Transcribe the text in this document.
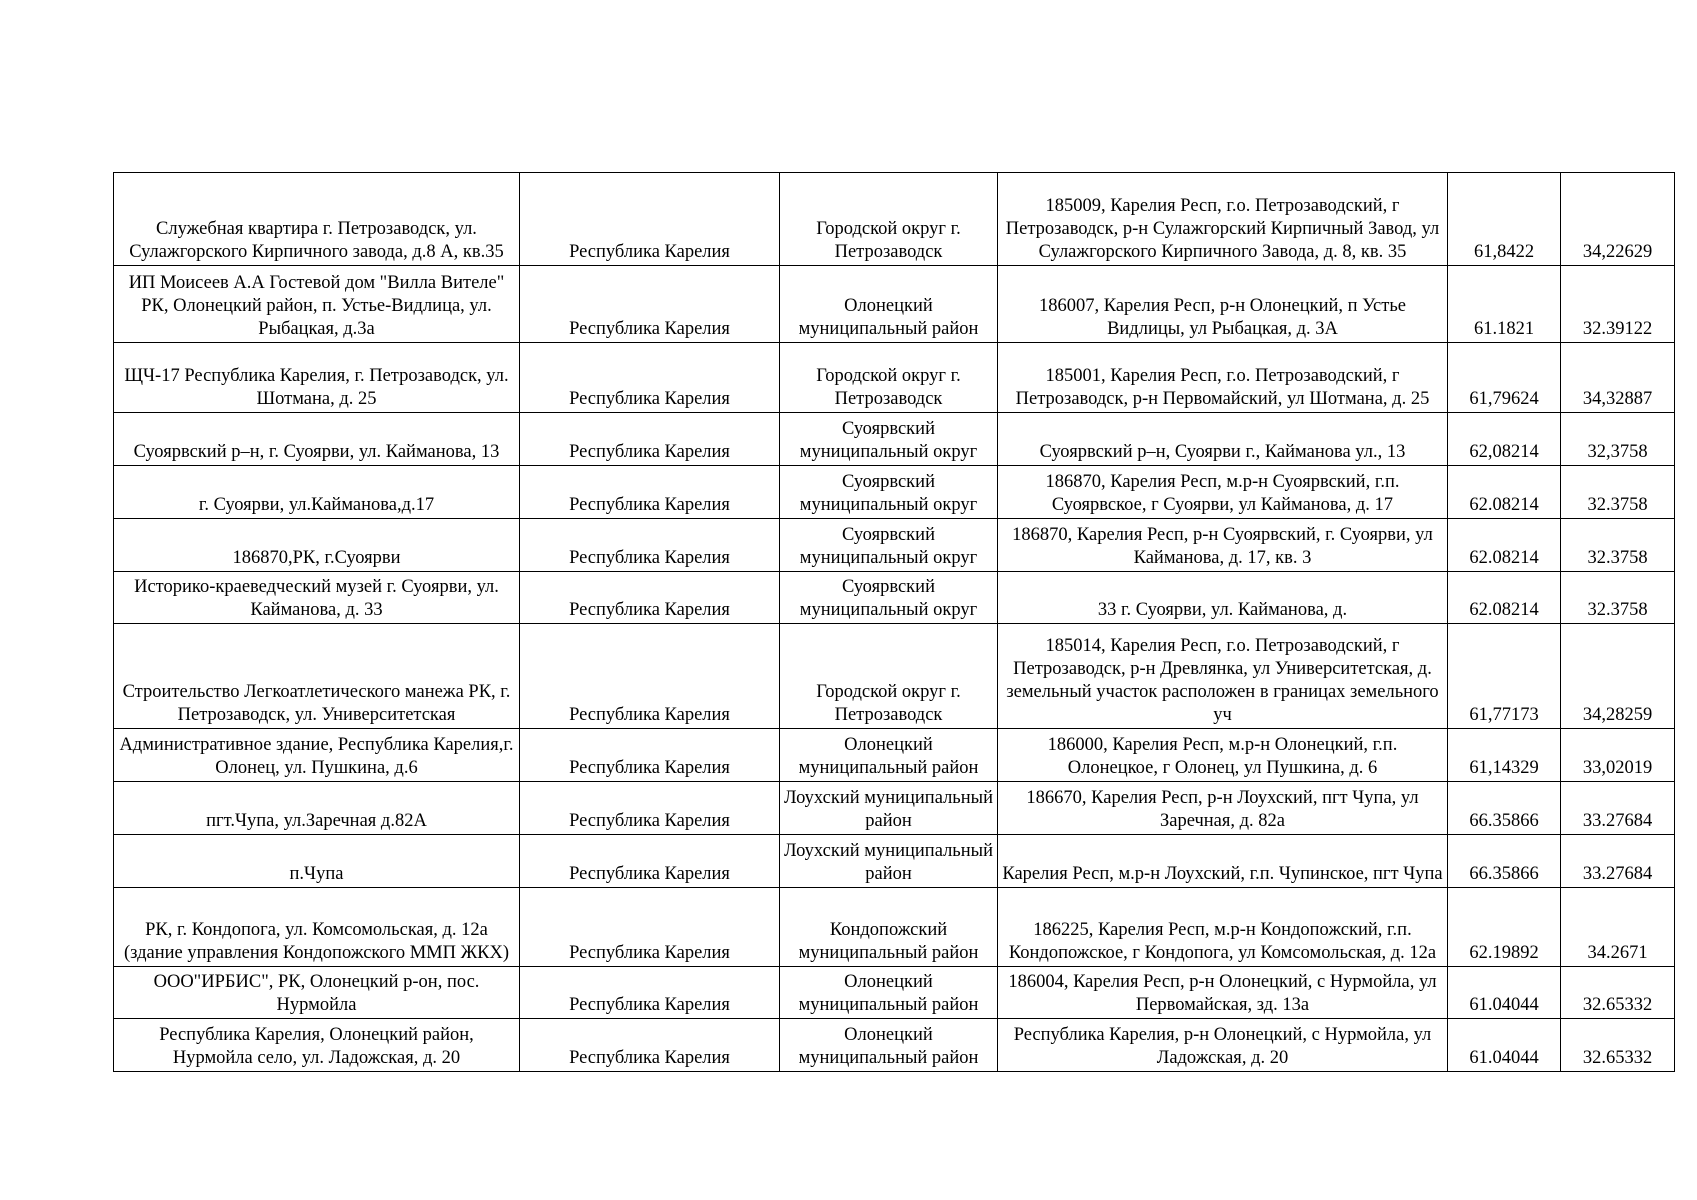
Служебная квартира г. Петрозаводск, ул. Сулажгорского Кирпичного завода, д.8 А, кв.35	Республика Карелия	Городской округ г. Петрозаводск	185009, Карелия Респ, г.о. Петрозаводский, г Петрозаводск, р-н Сулажгорский Кирпичный Завод, ул Сулажгорского Кирпичного Завода, д. 8, кв. 35	61,8422	34,22629
ИП Моисеев А.А Гостевой дом "Вилла Вителе" РК, Олонецкий район, п. Устье-Видлица, ул. Рыбацкая, д.3а	Республика Карелия	Олонецкий муниципальный район	186007, Карелия Респ, р-н Олонецкий, п Устье Видлицы, ул Рыбацкая, д. 3А	61.1821	32.39122
ЩЧ-17 Республика Карелия, г. Петрозаводск, ул. Шотмана, д. 25	Республика Карелия	Городской округ г. Петрозаводск	185001, Карелия Респ, г.о. Петрозаводский, г Петрозаводск, р-н Первомайский, ул Шотмана, д. 25	61,79624	34,32887
Суоярвский р–н, г. Суоярви, ул. Кайманова, 13	Республика Карелия	Суоярвский муниципальный округ	Суоярвский р–н, Суоярви г., Кайманова ул., 13	62,08214	32,3758
г. Суоярви, ул.Кайманова,д.17	Республика Карелия	Суоярвский муниципальный округ	186870, Карелия Респ, м.р-н Суоярвский, г.п. Суоярвское, г Суоярви, ул Кайманова, д. 17	62.08214	32.3758
186870,РК, г.Суоярви	Республика Карелия	Суоярвский муниципальный округ	186870, Карелия Респ, р-н Суоярвский, г. Суоярви, ул Кайманова, д. 17, кв. 3	62.08214	32.3758
Историко-краеведческий музей г. Суоярви, ул. Кайманова, д. 33	Республика Карелия	Суоярвский муниципальный округ	33 г. Суоярви, ул. Кайманова, д.	62.08214	32.3758
Строительство Легкоатлетического манежа РК, г. Петрозаводск, ул. Университетская	Республика Карелия	Городской округ г. Петрозаводск	185014, Карелия Респ, г.о. Петрозаводский, г Петрозаводск, р-н Древлянка, ул Университетская, д. земельный участок расположен в границах земельного уч	61,77173	34,28259
Административное здание, Республика Карелия,г. Олонец, ул. Пушкина, д.6	Республика Карелия	Олонецкий муниципальный район	186000, Карелия Респ, м.р-н Олонецкий, г.п. Олонецкое, г Олонец, ул Пушкина, д. 6	61,14329	33,02019
пгт.Чупа, ул.Заречная д.82А	Республика Карелия	Лоухский муниципальный район	186670, Карелия Респ, р-н Лоухский, пгт Чупа, ул Заречная, д. 82а	66.35866	33.27684
п.Чупа	Республика Карелия	Лоухский муниципальный район	Карелия Респ, м.р-н Лоухский, г.п. Чупинское, пгт Чупа	66.35866	33.27684
РК, г. Кондопога, ул. Комсомольская, д. 12а (здание управления Кондопожского ММП ЖКХ)	Республика Карелия	Кондопожский муниципальный район	186225, Карелия Респ, м.р-н Кондопожский, г.п. Кондопожское, г Кондопога, ул Комсомольская, д. 12а	62.19892	34.2671
ООО"ИРБИС", РК, Олонецкий р-он, пос. Нурмойла	Республика Карелия	Олонецкий муниципальный район	186004, Карелия Респ, р-н Олонецкий, с Нурмойла, ул Первомайская, зд. 13а	61.04044	32.65332
Республика Карелия, Олонецкий район, Нурмойла село, ул. Ладожская, д. 20	Республика Карелия	Олонецкий муниципальный район	Республика Карелия, р-н Олонецкий, с Нурмойла, ул Ладожская, д. 20	61.04044	32.65332
